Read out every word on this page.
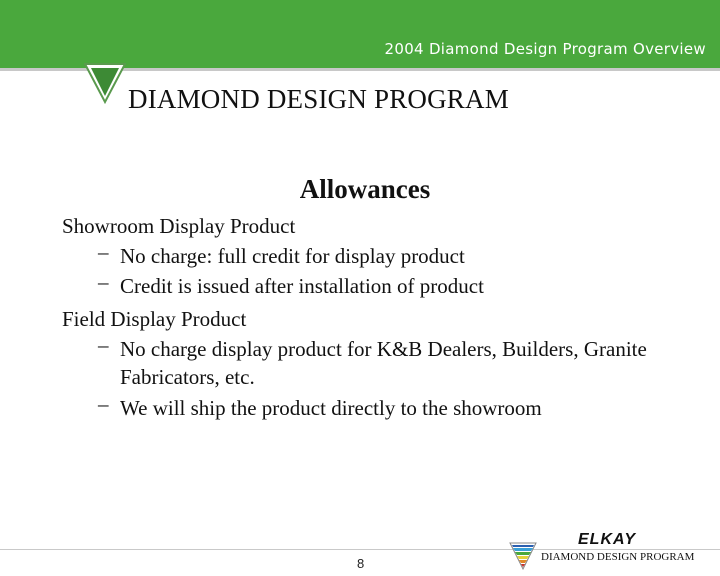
2004 Diamond Design Program Overview
DIAMOND DESIGN PROGRAM
Allowances
Showroom Display Product
– No charge: full credit for display product
– Credit is issued after installation of product
Field Display Product
– No charge display product for K&B Dealers, Builders, Granite Fabricators, etc.
– We will ship the product directly to the showroom
8
ELKAY
DIAMOND DESIGN PROGRAM
